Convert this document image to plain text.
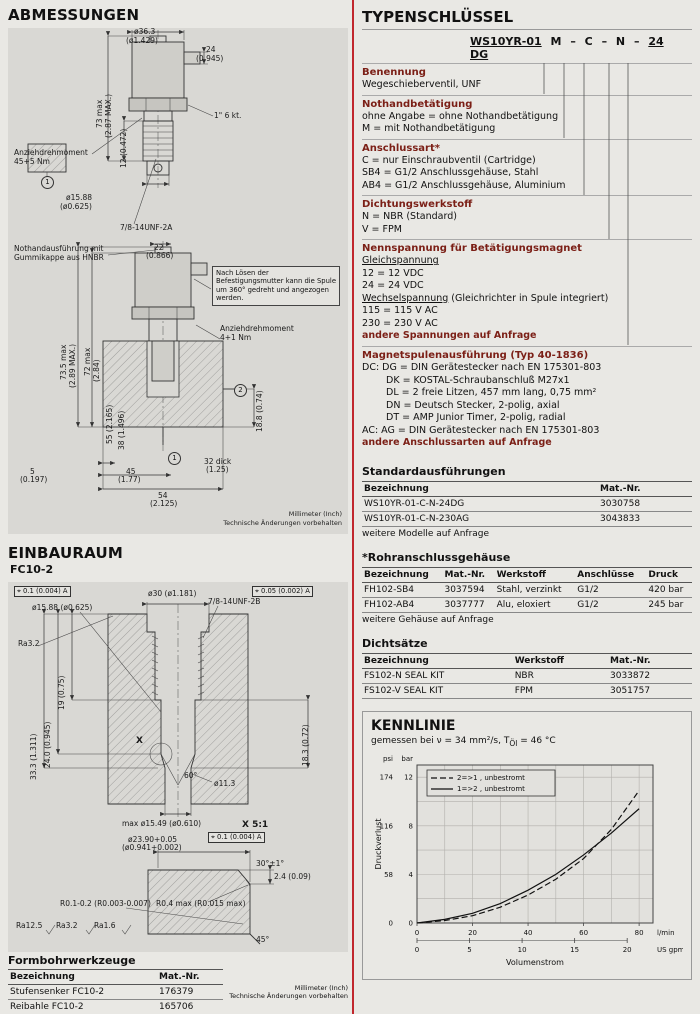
ABMESSUNGEN
ø36.3
(ø1.429)
24
(0.945)
73 max (2.87 MAX.)
12 (0.472)
1" 6 kt.
Anziehdrehmoment 45+5 Nm
ø15.88
(ø0.625)
7/8-14UNF-2A
1
Nothandausführung mit Gummikappe aus HNBR
22
(0.866)
Nach Lösen der Befestigungsmutter kann die Spule um 360° gedreht und angezogen werden.
Anziehdrehmoment 4+1 Nm
73.5 max (2.89 MAX.) 72 max (2.84)
18.8 (0.74)
55 (2.165) 38 (1.496)
5
(0.197)
45
(1.77)
32 dick
(1.25)
54
(2.125)
1
2
Millimeter (Inch)
Technische Änderungen vorbehalten
EINBAURAUM
FC10-2
⌖ 0.1 (0.004) A	ø30 (ø1.181)
7/8-14UNF-2B
⌖ 0.05 (0.002) A
ø15.88 (ø0.625)
Ra3.2
33.3 (1.311) 24.0 (0.945)
19 (0.75)
60°
18.3 (0.72)
ø11.3
max ø15.49 (ø0.610)
X
X 5:1
⌖ 0.1 (0.004) A
30°±1°
ø23.90+0.05
(ø0.941+0.002)
R0.4 max (R0.015 max)
2.4 (0.09)
R0.1-0.2 (R0.003-0.007)
45°
Ra12.5 Ra3.2 Ra1.6
Formbohrwerkzeuge
Bezeichnung	Mat.-Nr.
Stufensenker FC10-2	176379
Reibahle FC10-2	165706
Millimeter (Inch)
Technische Änderungen vorbehalten
TYPENSCHLÜSSEL
WS10YR-01 M – C – N – 24 DG
Benennung
Wegeschieberventil, UNF
Nothandbetätigung
ohne Angabe = ohne Nothandbetätigung
M = mit Nothandbetätigung
Anschlussart*
C = nur Einschraubventil (Cartridge)
SB4 = G1/2 Anschlussgehäuse, Stahl
AB4 = G1/2 Anschlussgehäuse, Aluminium
Dichtungswerkstoff
N = NBR (Standard)
V = FPM
Nennspannung für Betätigungsmagnet
Gleichspannung
12 = 12 VDC
24 = 24 VDC
Wechselspannung (Gleichrichter in Spule integriert)
115 = 115 V AC
230 = 230 V AC
andere Spannungen auf Anfrage
Magnetspulenausführung (Typ 40-1836)
DC: DG = DIN Gerätestecker nach EN 175301-803
DK = KOSTAL-Schraubanschluß M27x1
DL = 2 freie Litzen, 457 mm lang, 0,75 mm²
DN = Deutsch Stecker, 2-polig, axial
DT = AMP Junior Timer, 2-polig, radial
AC: AG = DIN Gerätestecker nach EN 175301-803
andere Anschlussarten auf Anfrage
Standardausführungen
Bezeichnung	Mat.-Nr.
WS10YR-01-C-N-24DG	3030758
WS10YR-01-C-N-230AG	3043833
weitere Modelle auf Anfrage
*Rohranschlussgehäuse
Bezeichnung	Mat.-Nr.	Werkstoff	Anschlüsse	Druck
FH102-SB4	3037594	Stahl, verzinkt	G1/2	420 bar
FH102-AB4	3037777	Alu, eloxiert	G1/2	245 bar
weitere Gehäuse auf Anfrage
Dichtsätze
Bezeichnung	Werkstoff	Mat.-Nr.
FS102-N SEAL KIT	NBR	3033872
FS102-V SEAL KIT	FPM	3051757
KENNLINIE
gemessen bei ν = 34 mm²/s, $T_{Öl} = 46$ °C
0
0
4
58
8
116
12
174
psi bar
0	20	40	60	80 l/min
0	5	10	15	20	US gpm
Volumenstrom
Druckverlust
2=>1 , unbestromt
1=>2 , unbestromt
